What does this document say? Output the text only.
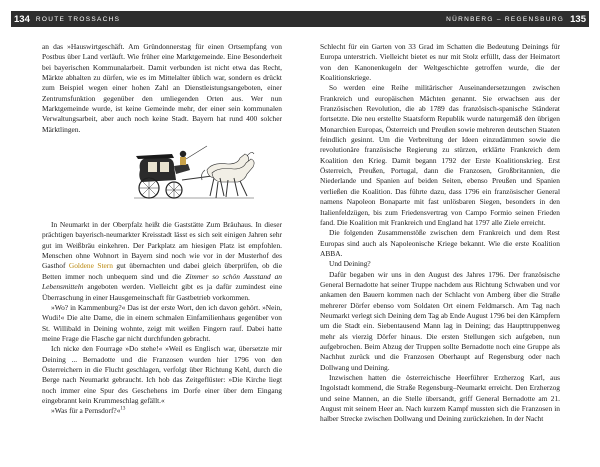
134 ROUTE TROSSACHS

an das »Hauswirtgeschäft. Am Gründonnerstag für einen Ortsempfang von Postbus über Land verläuft. Wie früher eine Marktgemeinde. Eine Besonderheit bei bayerischen Kommunalarbeit. Damit verbunden ist nicht etwa das Recht, Märkte abhalten zu dürfen, wie es im Mittelalter üblich war, sondern es drückt zum Beispiel wegen einer hohen Zahl an Dienstleistungsangeboten, einer Zentrumsfunktion gegenüber den umliegenden Orten aus. Wer nun Marktgemeinde wurde, ist keine Gemeinde mehr, der einer sein kommunalen Verwaltungsarbeit, aber auch noch keine Stadt. Bayern hat rund 400 solcher Märktlingen.

In Neumarkt in der Oberpfalz heißt die Gaststätte Zum Bräuhaus. In dieser prächtigen bayerisch-neumarkter Kreisstadt lässt es sich seit einigen Jahren sehr gut im Weißbräu einkehren. Der Parkplatz am hiesigen Platz ist empfohlen. Menschen ohne Wohnort in Bayern sind noch wie vor in der Musterhof des Gasthof Goldene Stern gut übernachten und dabei gleich überprüfen, ob die Betten immer noch unbequem sind und die Zimmer so schön Ausstand an Lebensmitteln angeboten werden. Vielleicht gibt es ja dafür zumindest eine Überraschung in einer Hausgemeinschaft für Gastbetrieb vorkommen.

»Wo? in Kammenburg?« Das ist der erste Wort, den ich davon gehört. »Nein, Wudi!« Die alte Dame, die in einem schmalen Einfamilienhaus gegenüber von St. Willibald in Deining wohnte, zeigt mit weißen Fingern rauf. Dabei hatte meine Frage die Flasche gar nicht durchfunden gebracht.

Ich nicke den Fourrage »Do stehe!« »Weil es Englisch war, übersetzte mir Deining ... Bernadotte und die Franzosen wurden hier 1796 von den Österreichern in die Flucht geschlagen, verfolgt über Richtung Kehl, durch die Berge nach Neumarkt gebraucht. Ich hob das Zeitgeflüster: »Die Kirche liegt noch immer eine Spur des Geschehens im Dorfe einer über dem Eingang eingebrannt kein Krummeschlag gefällt.«

»Was für a Pernsdorf?«$^{13}$

NÜRNBERG – REGENSBURG 135

Schlecht für ein Garten von 33 Grad im Schatten die Bedeutung Deinings für Europa unterstrich. Vielleicht bietet es nur mit Stolz erfüllt, dass der Heimatort von den Kanonenkugeln der Weltgeschichte getroffen wurde, die der Koalitionskriege.

So werden eine Reihe militärischer Auseinandersetzungen zwischen Frankreich und europäischen Mächten genannt. Sie erwachsen aus der Französischen Revolution, die ab 1789 das französisch-spanische Ständerat fortsetzte. Die neu erstellte Staatsform Republik wurde naturgemäß den übrigen Monarchien Europas, Österreich und Preußen sowie mehreren deutschen Staaten feindlich gesinnt. Um die Verbreitung der Ideen einzudämmen sowie die revolutionäre französische Regierung zu stürzen, erklärte Frankreich dem Koalition den Krieg. Damit begann 1792 der Erste Koalitionskrieg. Erst Österreich, Preußen, Portugal, dann die Franzosen, Großbritannien, die Niederlande und Spanien auf beiden Seiten, ebenso Preußen und Spanien verließen die Koalition. Das führte dazu, dass 1796 ein französischer General namens Napoleon Bonaparte mit fast unlösbaren Siegen, besonders in den Italienfeldzügen, bis zum Friedensvertrag von Campo Formio seinen Frieden fand. Die Koalition mit Frankreich und England hat 1797 alle Ziele erreicht.

Die folgenden Zusammenstöße zwischen dem Frankreich und dem Rest Europas sind auch als Napoleonische Kriege bekannt. Wie die erste Koalition ABBA.

Und Deining?

Dafür begaben wir uns in den August des Jahres 1796. Der französische General Bernadotte hat seiner Truppe nachdem aus Richtung Schwaben und vor ankamen den Bauern kommen nach der Schlacht von Amberg über die Straße mehrerer Dörfer ebenso vom Soldaten Ort einem Feldmarsch. Am Tag nach Neumarkt verlegt sich Deining dem Tag ab Ende August 1796 bei den Kämpfern um die Stadt ein. Siebentausend Mann lag in Deining; das Haupttruppenweg mehr als vierzig Dörfer hinaus. Die ersten Stellungen sich aufgeben, nun aufgebrochen. Beim Abzug der Truppen sollte Bernadotte noch eine Gruppe als Nachhut zurück und die Franzosen Oberhaupt auf Regensburg oder nach Dollwang und Deining.

Inzwischen hatten die österreichische Heerführer Erzherzog Karl, aus Ingolstadt kommend, die Straße Regensburg–Neumarkt erreicht. Den Erzherzog und seine Mannen, an die Stelle übersandt, griff General Bernadotte am 21. August mit seinem Heer an. Nach kurzem Kampf mussten sich die Franzosen in halber Strecke zwischen Dollwang und Deining zurückziehen. In der Nacht
